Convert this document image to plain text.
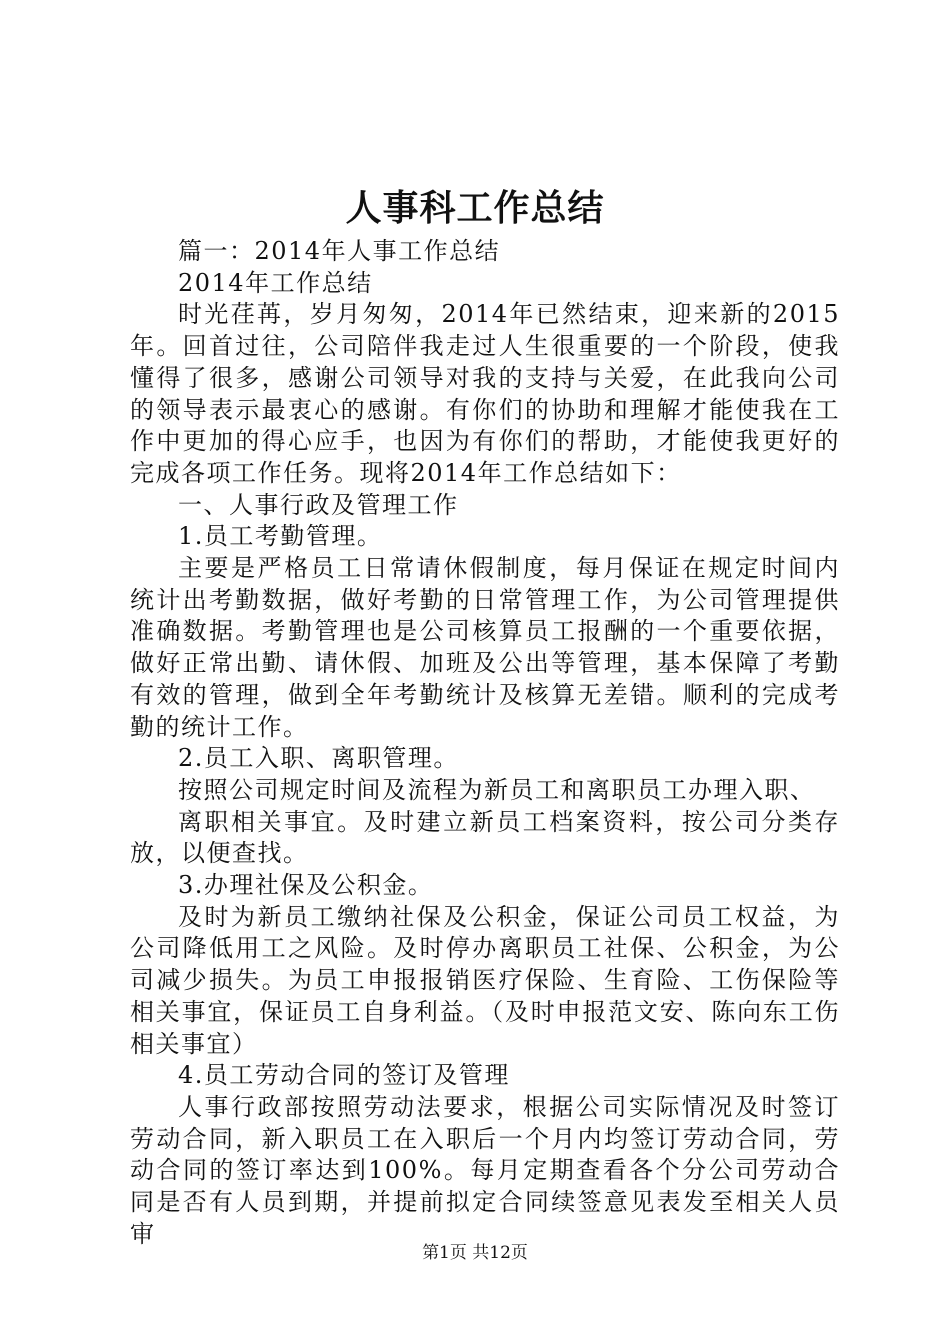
人事科工作总结

篇一：2014年人事工作总结

2014年工作总结

时光荏苒，岁月匆匆，2014年已然结束，迎来新的2015年。回首过往，公司陪伴我走过人生很重要的一个阶段，使我懂得了很多，感谢公司领导对我的支持与关爱，在此我向公司的领导表示最衷心的感谢。有你们的协助和理解才能使我在工作中更加的得心应手，也因为有你们的帮助，才能使我更好的完成各项工作任务。现将2014年工作总结如下：

一、人事行政及管理工作

1.员工考勤管理。

主要是严格员工日常请休假制度，每月保证在规定时间内统计出考勤数据，做好考勤的日常管理工作，为公司管理提供准确数据。考勤管理也是公司核算员工报酬的一个重要依据，做好正常出勤、请休假、加班及公出等管理，基本保障了考勤有效的管理，做到全年考勤统计及核算无差错。顺利的完成考勤的统计工作。

2.员工入职、离职管理。

按照公司规定时间及流程为新员工和离职员工办理入职、

离职相关事宜。及时建立新员工档案资料，按公司分类存放，以便查找。

3.办理社保及公积金。

及时为新员工缴纳社保及公积金，保证公司员工权益，为公司降低用工之风险。及时停办离职员工社保、公积金，为公司减少损失。为员工申报报销医疗保险、生育险、工伤保险等相关事宜，保证员工自身利益。（及时申报范文安、陈向东工伤相关事宜）

4.员工劳动合同的签订及管理

人事行政部按照劳动法要求，根据公司实际情况及时签订劳动合同，新入职员工在入职后一个月内均签订劳动合同，劳动合同的签订率达到100%。每月定期查看各个分公司劳动合同是否有人员到期，并提前拟定合同续签意见表发至相关人员审

第1页 共12页
